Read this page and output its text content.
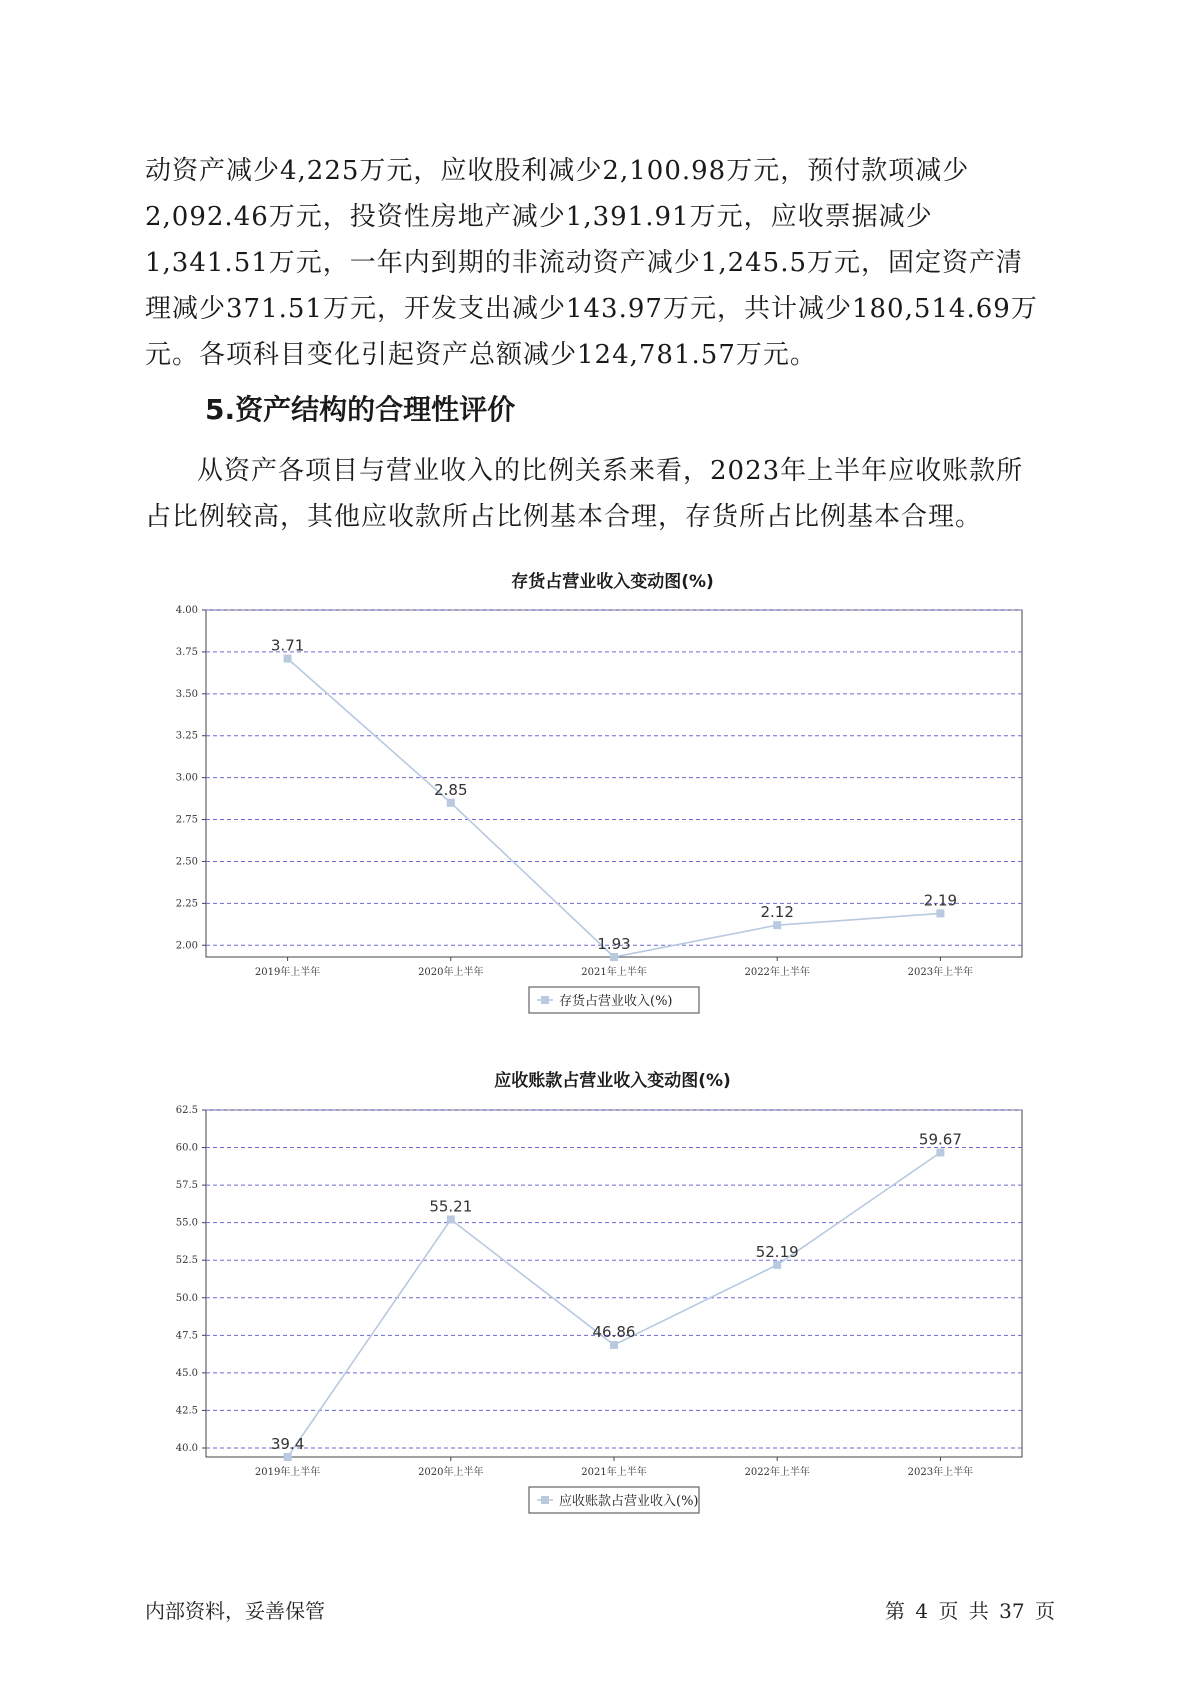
动资产减少4,225万元，应收股利减少2,100.98万元，预付款项减少2,092.46万元，投资性房地产减少1,391.91万元，应收票据减少1,341.51万元，一年内到期的非流动资产减少1,245.5万元，固定资产清理减少371.51万元，开发支出减少143.97万元，共计减少180,514.69万元。各项科目变化引起资产总额减少124,781.57万元。

5.资产结构的合理性评价

从资产各项目与营业收入的比例关系来看，2023年上半年应收账款所占比例较高，其他应收款所占比例基本合理，存货所占比例基本合理。

存货占营业收入变动图(%)
2.00
2.25
2.50
2.75
3.00
3.25
3.50
3.75
4.00
2019年上半年	2020年上半年	2021年上半年	2022年上半年	2023年上半年
3.71
2.85
1.93
2.12
2.19
存货占营业收入(%)
应收账款占营业收入变动图(%)
40.0
42.5
45.0
47.5
50.0
52.5
55.0
57.5
60.0
62.5
2019年上半年	2020年上半年	2021年上半年	2022年上半年	2023年上半年
39.4
55.21
46.86
52.19
59.67
应收账款占营业收入(%)
内部资料，妥善保管	第 4 页 共 37 页
